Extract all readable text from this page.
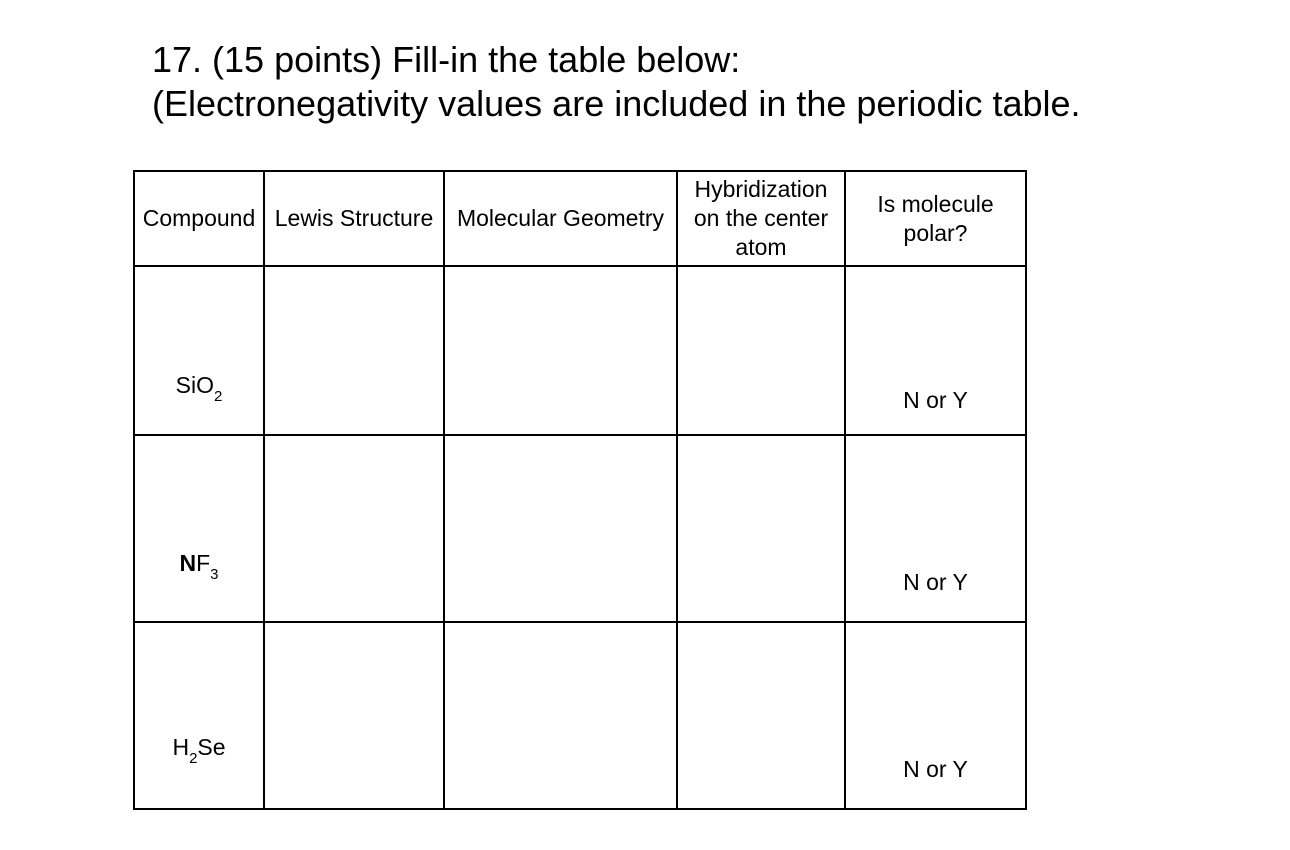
17. (15 points) Fill-in the table below:
(Electronegativity values are included in the periodic table.
Compound	Lewis Structure	Molecular Geometry	Hybridization on the center atom	Is molecule polar?

SiO$_2$				N or Y

$NF_3$				N or Y

$H_2Se$				N or Y
